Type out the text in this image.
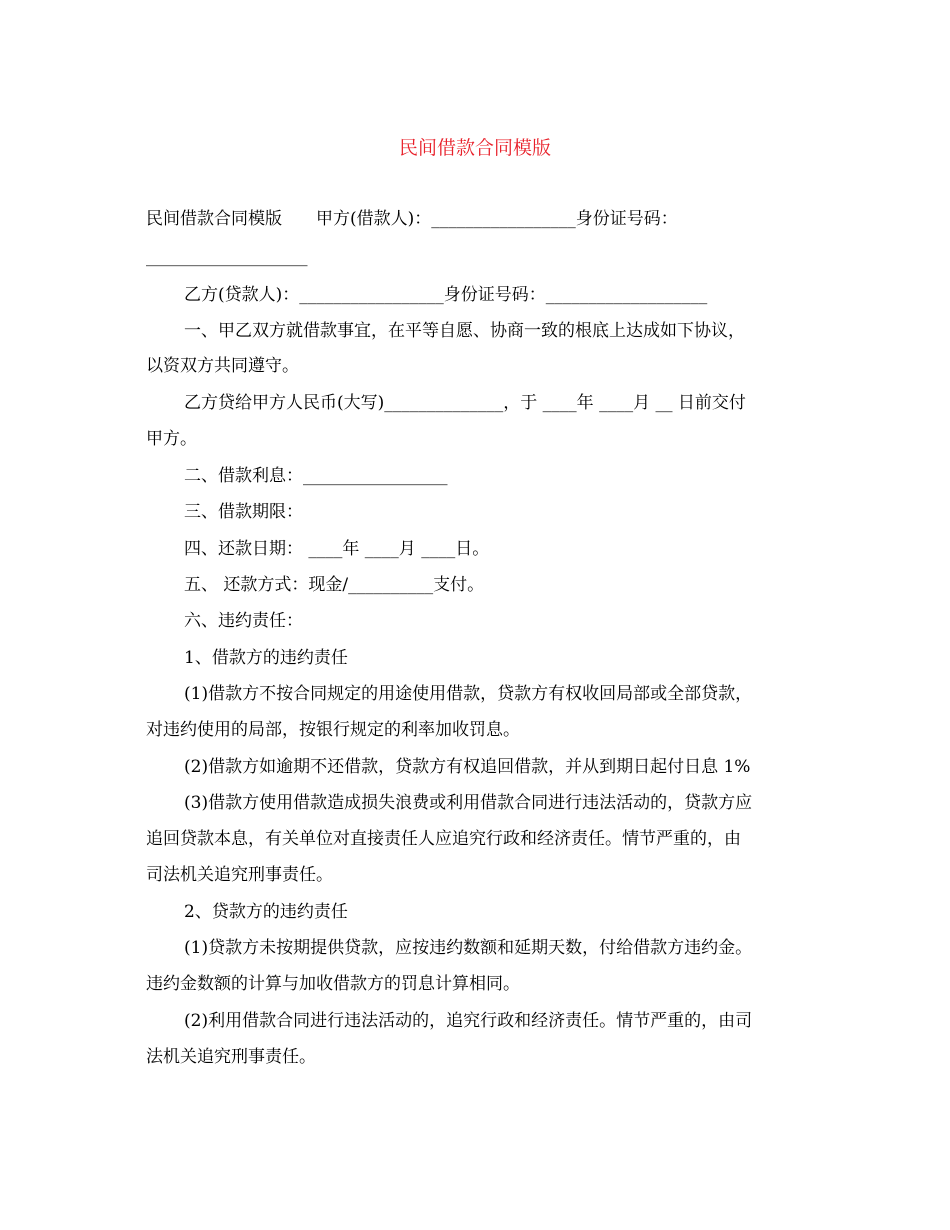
民间借款合同模版
民间借款合同模版　　甲方(借款人)：_________________身份证号码：
___________________
乙方(贷款人)：_________________身份证号码：___________________
一、甲乙双方就借款事宜，在平等自愿、协商一致的根底上达成如下协议，
以资双方共同遵守。
乙方贷给甲方人民币(大写)______________，于 ____年 ____月 __ 日前交付
甲方。
二、借款利息：_________________
三、借款期限：
四、还款日期： ____年 ____月 ____日。
五、 还款方式：现金/__________支付。
六、违约责任：
1、借款方的违约责任
(1)借款方不按合同规定的用途使用借款，贷款方有权收回局部或全部贷款，
对违约使用的局部，按银行规定的利率加收罚息。
(2)借款方如逾期不还借款，贷款方有权追回借款，并从到期日起付日息 1%
(3)借款方使用借款造成损失浪费或利用借款合同进行违法活动的，贷款方应
追回贷款本息，有关单位对直接责任人应追究行政和经济责任。情节严重的，由
司法机关追究刑事责任。
2、贷款方的违约责任
(1)贷款方未按期提供贷款，应按违约数额和延期天数，付给借款方违约金。
违约金数额的计算与加收借款方的罚息计算相同。
(2)利用借款合同进行违法活动的，追究行政和经济责任。情节严重的，由司
法机关追究刑事责任。
